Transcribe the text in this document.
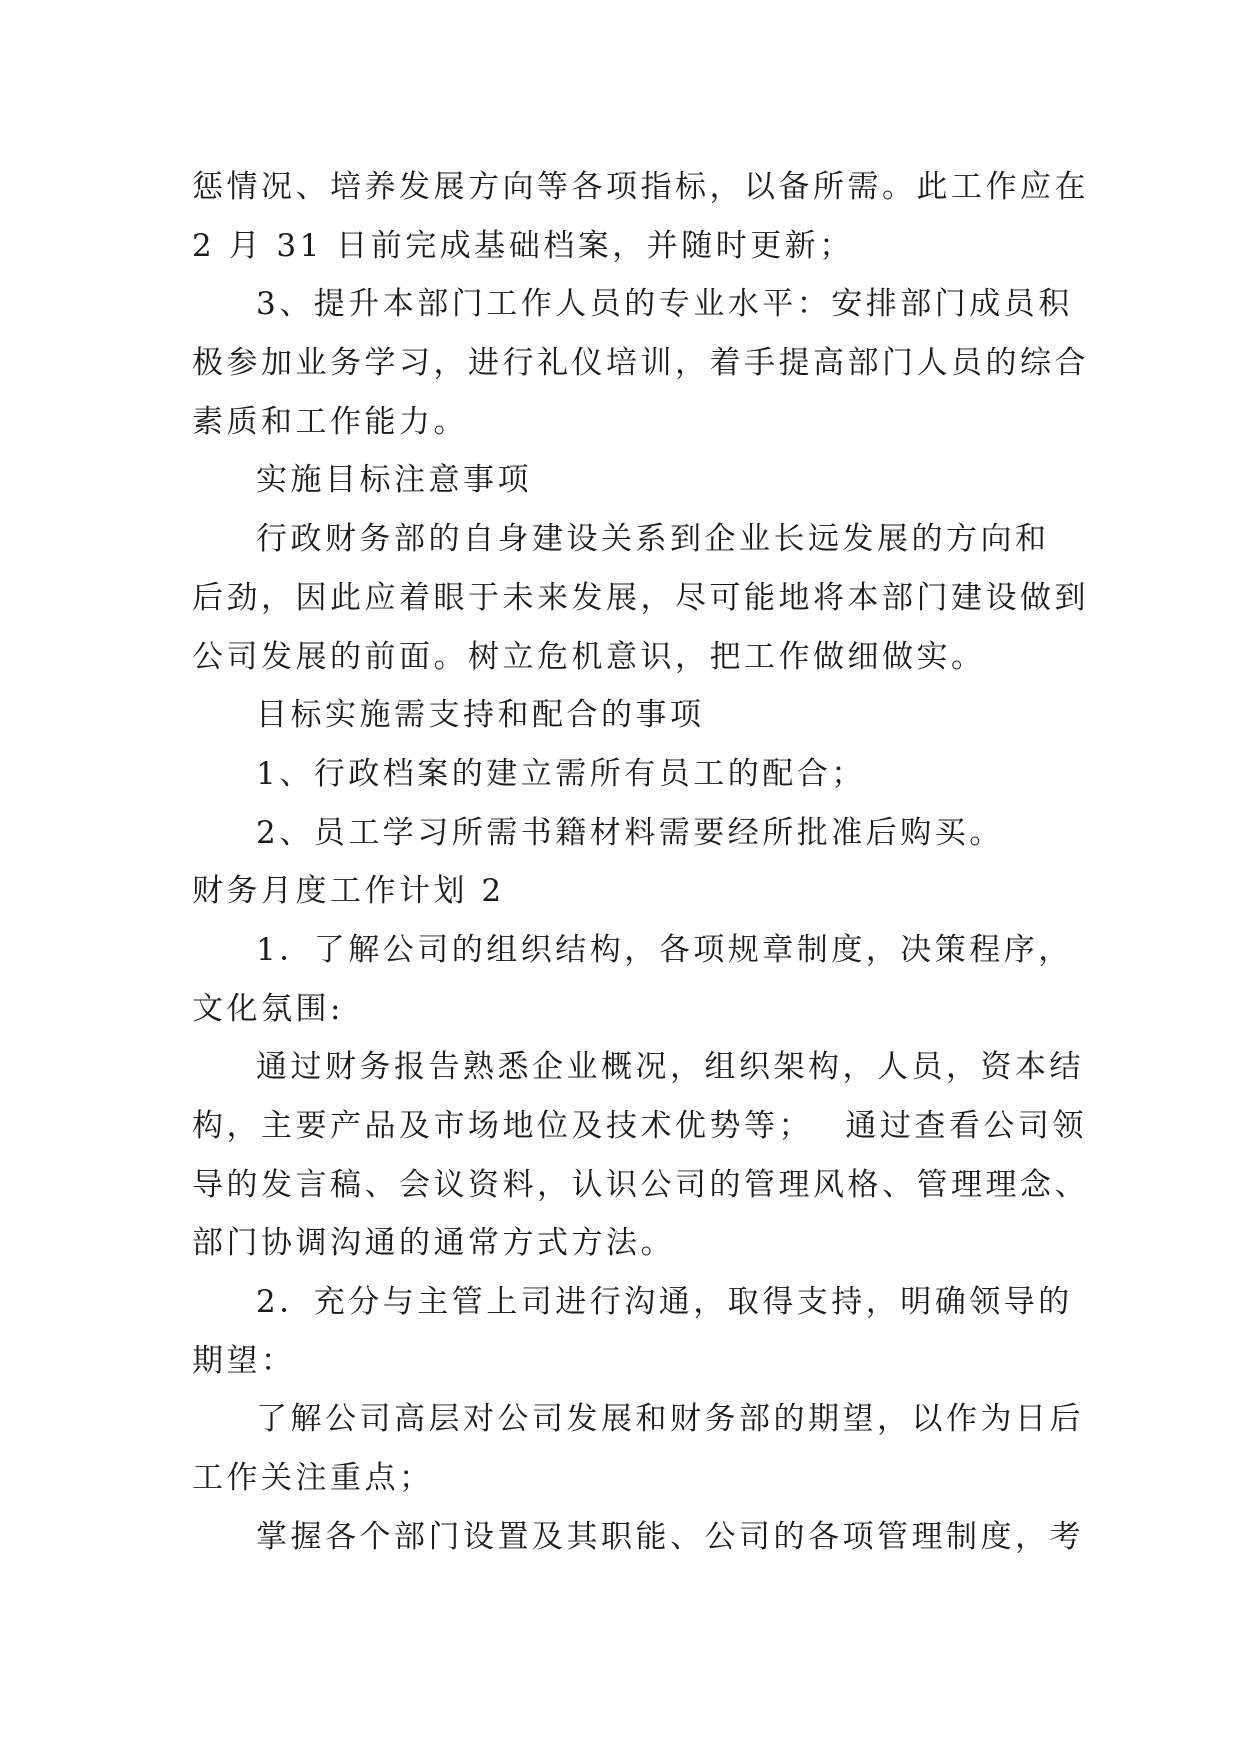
惩情况、培养发展方向等各项指标，以备所需。此工作应在
2 月 31 日前完成基础档案，并随时更新；
3、提升本部门工作人员的专业水平：安排部门成员积
极参加业务学习，进行礼仪培训，着手提高部门人员的综合
素质和工作能力。
实施目标注意事项
行政财务部的自身建设关系到企业长远发展的方向和
后劲，因此应着眼于未来发展，尽可能地将本部门建设做到
公司发展的前面。树立危机意识，把工作做细做实。
目标实施需支持和配合的事项
1、行政档案的建立需所有员工的配合；
2、员工学习所需书籍材料需要经所批准后购买。
财务月度工作计划 2
1．了解公司的组织结构，各项规章制度，决策程序，
文化氛围:
通过财务报告熟悉企业概况，组织架构，人员，资本结
构，主要产品及市场地位及技术优势等；　 通过查看公司领
导的发言稿、会议资料，认识公司的管理风格、管理理念、
部门协调沟通的通常方式方法。
2．充分与主管上司进行沟通，取得支持，明确领导的
期望：
了解公司高层对公司发展和财务部的期望，以作为日后
工作关注重点；
掌握各个部门设置及其职能、公司的各项管理制度，考
